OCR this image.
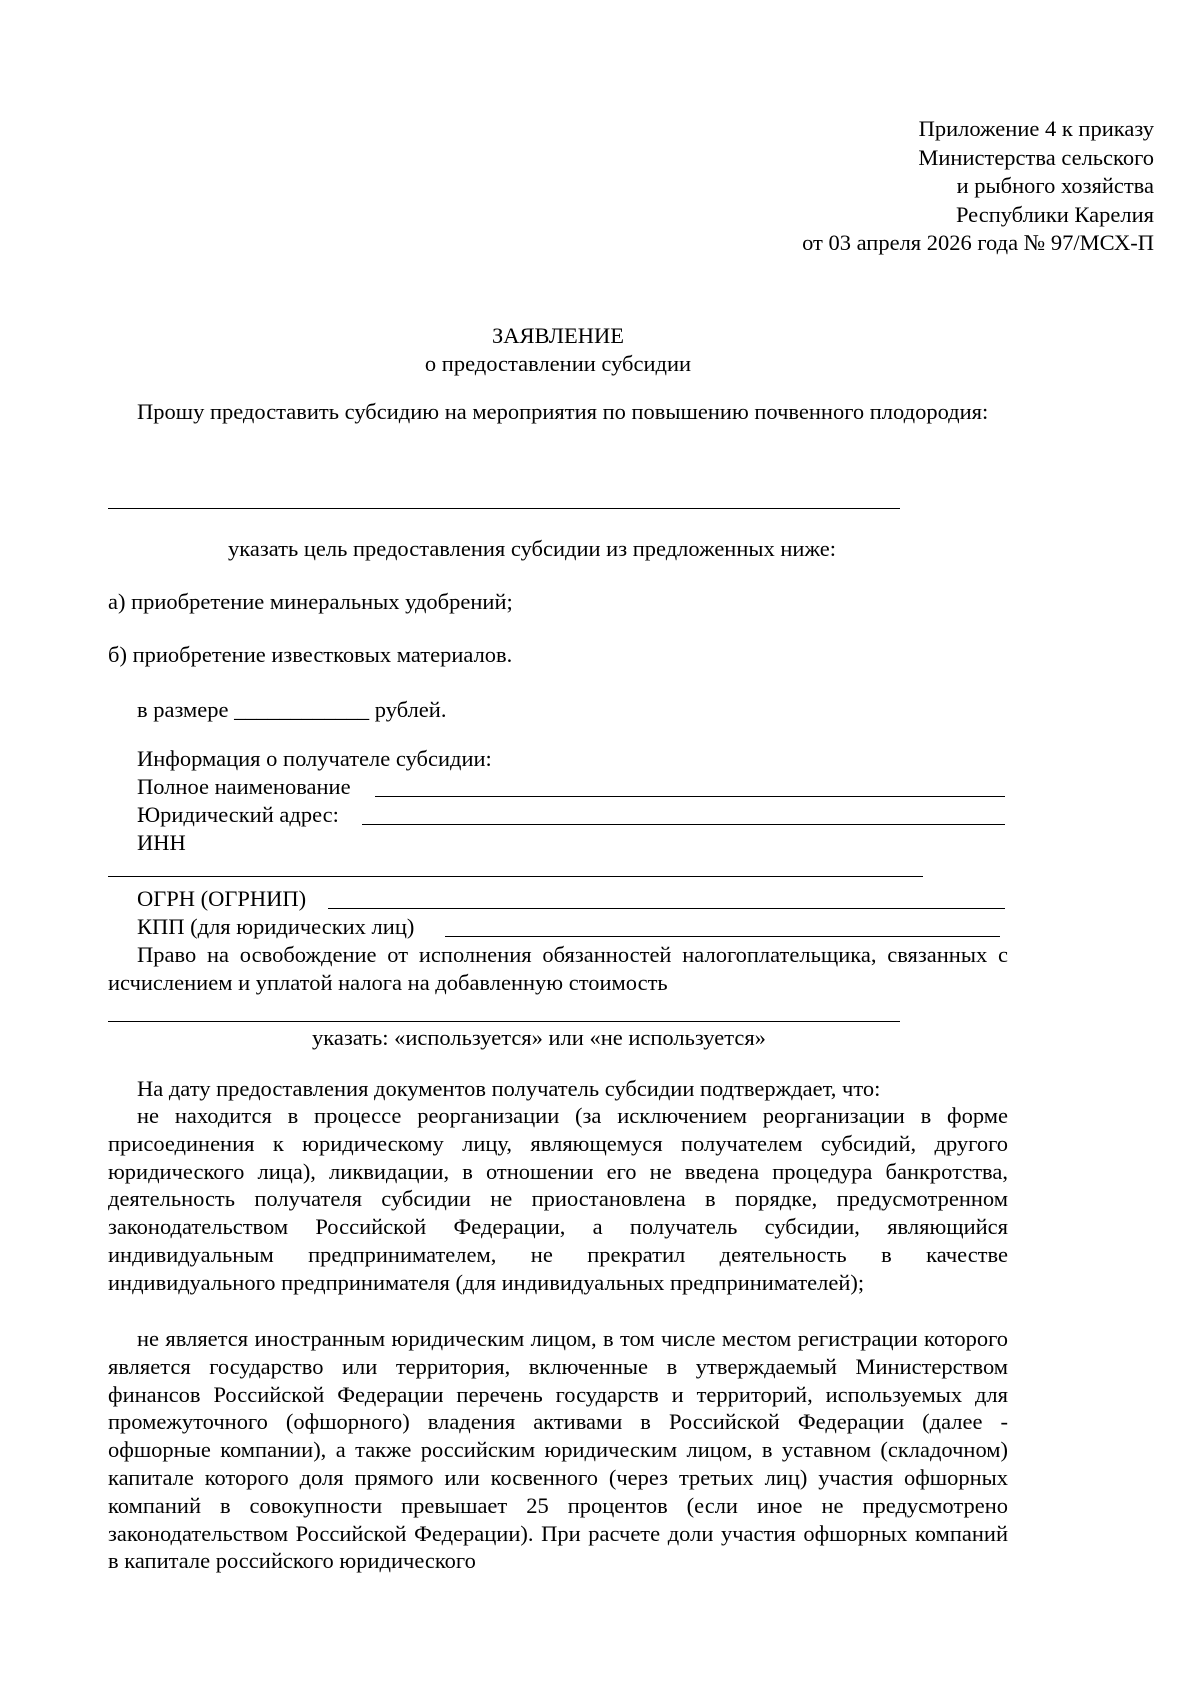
Приложение 4 к приказу
Министерства сельского
и рыбного хозяйства
Республики Карелия
от 03 апреля 2026 года № 97/МСХ-П
ЗАЯВЛЕНИЕ
о предоставлении субсидии

Прошу предоставить субсидию на мероприятия по повышению почвенного плодородия:

указать цель предоставления субсидии из предложенных ниже:
а) приобретение минеральных удобрений;
б) приобретение известковых материалов.
в размере ____________ рублей.
Информация о получателе субсидии:
Полное наименование
Юридический адрес:
ИНН
ОГРН (ОГРНИП)
КПП (для юридических лиц)

Право на освобождение от исполнения обязанностей налогоплательщика, связанных с исчислением и уплатой налога на добавленную стоимость

указать: «используется» или «не используется»
На дату предоставления документов получатель субсидии подтверждает, что:

не находится в процессе реорганизации (за исключением реорганизации в форме присоединения к юридическому лицу, являющемуся получателем субсидий, другого юридического лица), ликвидации, в отношении его не введена процедура банкротства, деятельность получателя субсидии не приостановлена в порядке, предусмотренном законодательством Российской Федерации, а получатель субсидии, являющийся индивидуальным предпринимателем, не прекратил деятельность в качестве индивидуального предпринимателя (для индивидуальных предпринимателей);

не является иностранным юридическим лицом, в том числе местом регистрации которого является государство или территория, включенные в утверждаемый Министерством финансов Российской Федерации перечень государств и территорий, используемых для промежуточного (офшорного) владения активами в Российской Федерации (далее - офшорные компании), а также российским юридическим лицом, в уставном (складочном) капитале которого доля прямого или косвенного (через третьих лиц) участия офшорных компаний в совокупности превышает 25 процентов (если иное не предусмотрено законодательством Российской Федерации). При расчете доли участия офшорных компаний в капитале российского юридического
